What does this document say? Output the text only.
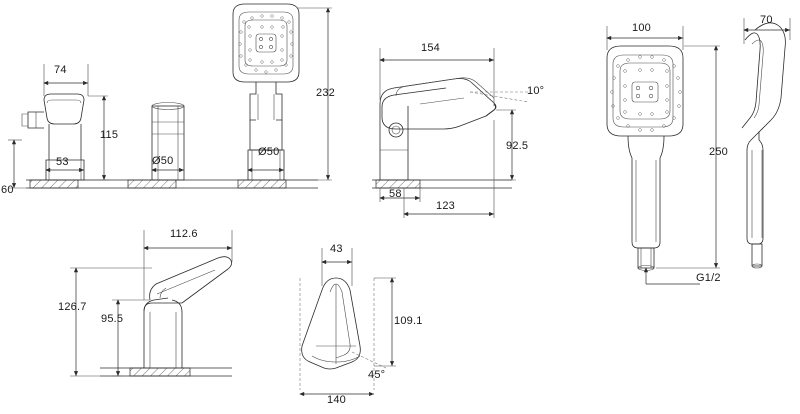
74
53
115
60
Ø50
Ø50
232
154
10°
92.5
58
123
100
70
250
G1/2
112.6
126.7
95.5
43
109.1
45°
140
